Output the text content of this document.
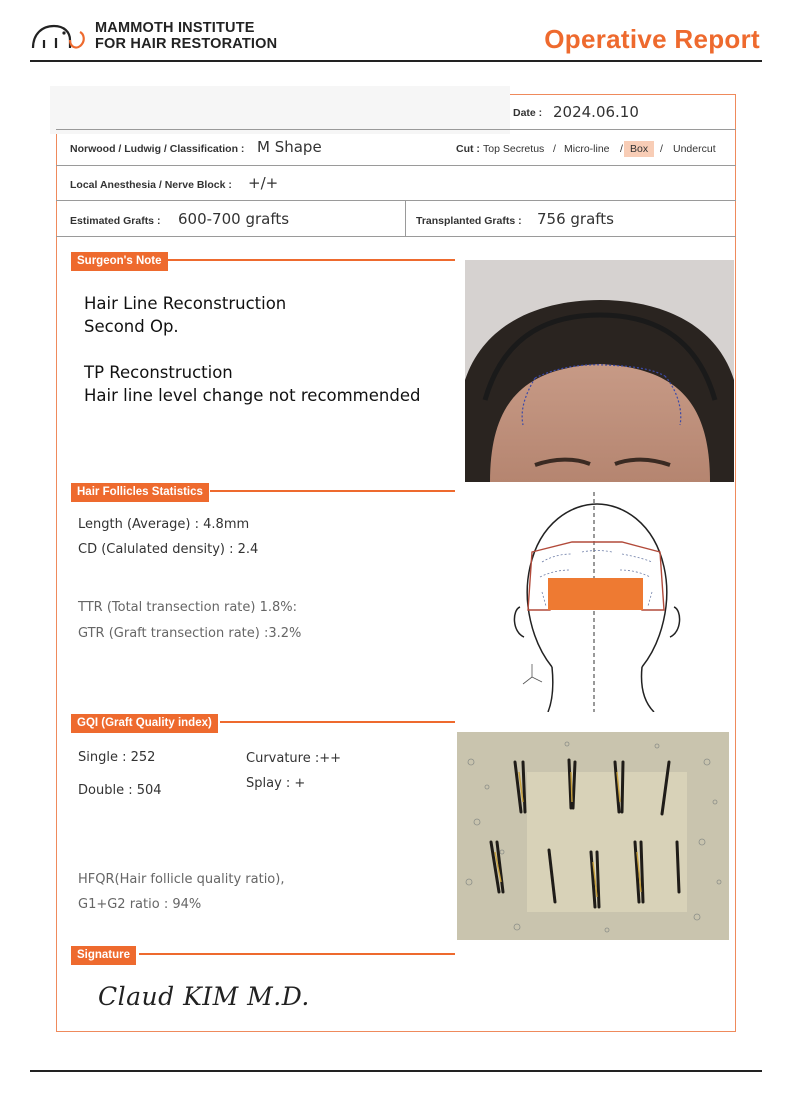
MAMMOTH INSTITUTE
FOR HAIR RESTORATION	Operative Report
Date : 2024.06.10
Norwood / Ludwig / Classification : M Shape	Cut : Top Secretus / Micro-line / Box	/ Undercut
Local Anesthesia / Nerve Block : +/+
Estimated Grafts : 600-700 grafts	Transplanted Grafts : 756 grafts
Surgeon's Note
Hair Line Reconstruction
Second Op.
TP Reconstruction
Hair line level change not recommended
Hair Follicles Statistics
Length (Average) : 4.8mm
CD (Calulated density) : 2.4
TTR (Total transection rate) 1.8%:
GTR (Graft transection rate) :3.2%
GQI (Graft Quality index)
Single : 252
Double : 504
Curvature :++
Splay : +
HFQR(Hair follicle quality ratio),
G1+G2 ratio : 94%
Signature
Claud KIM M.D.
